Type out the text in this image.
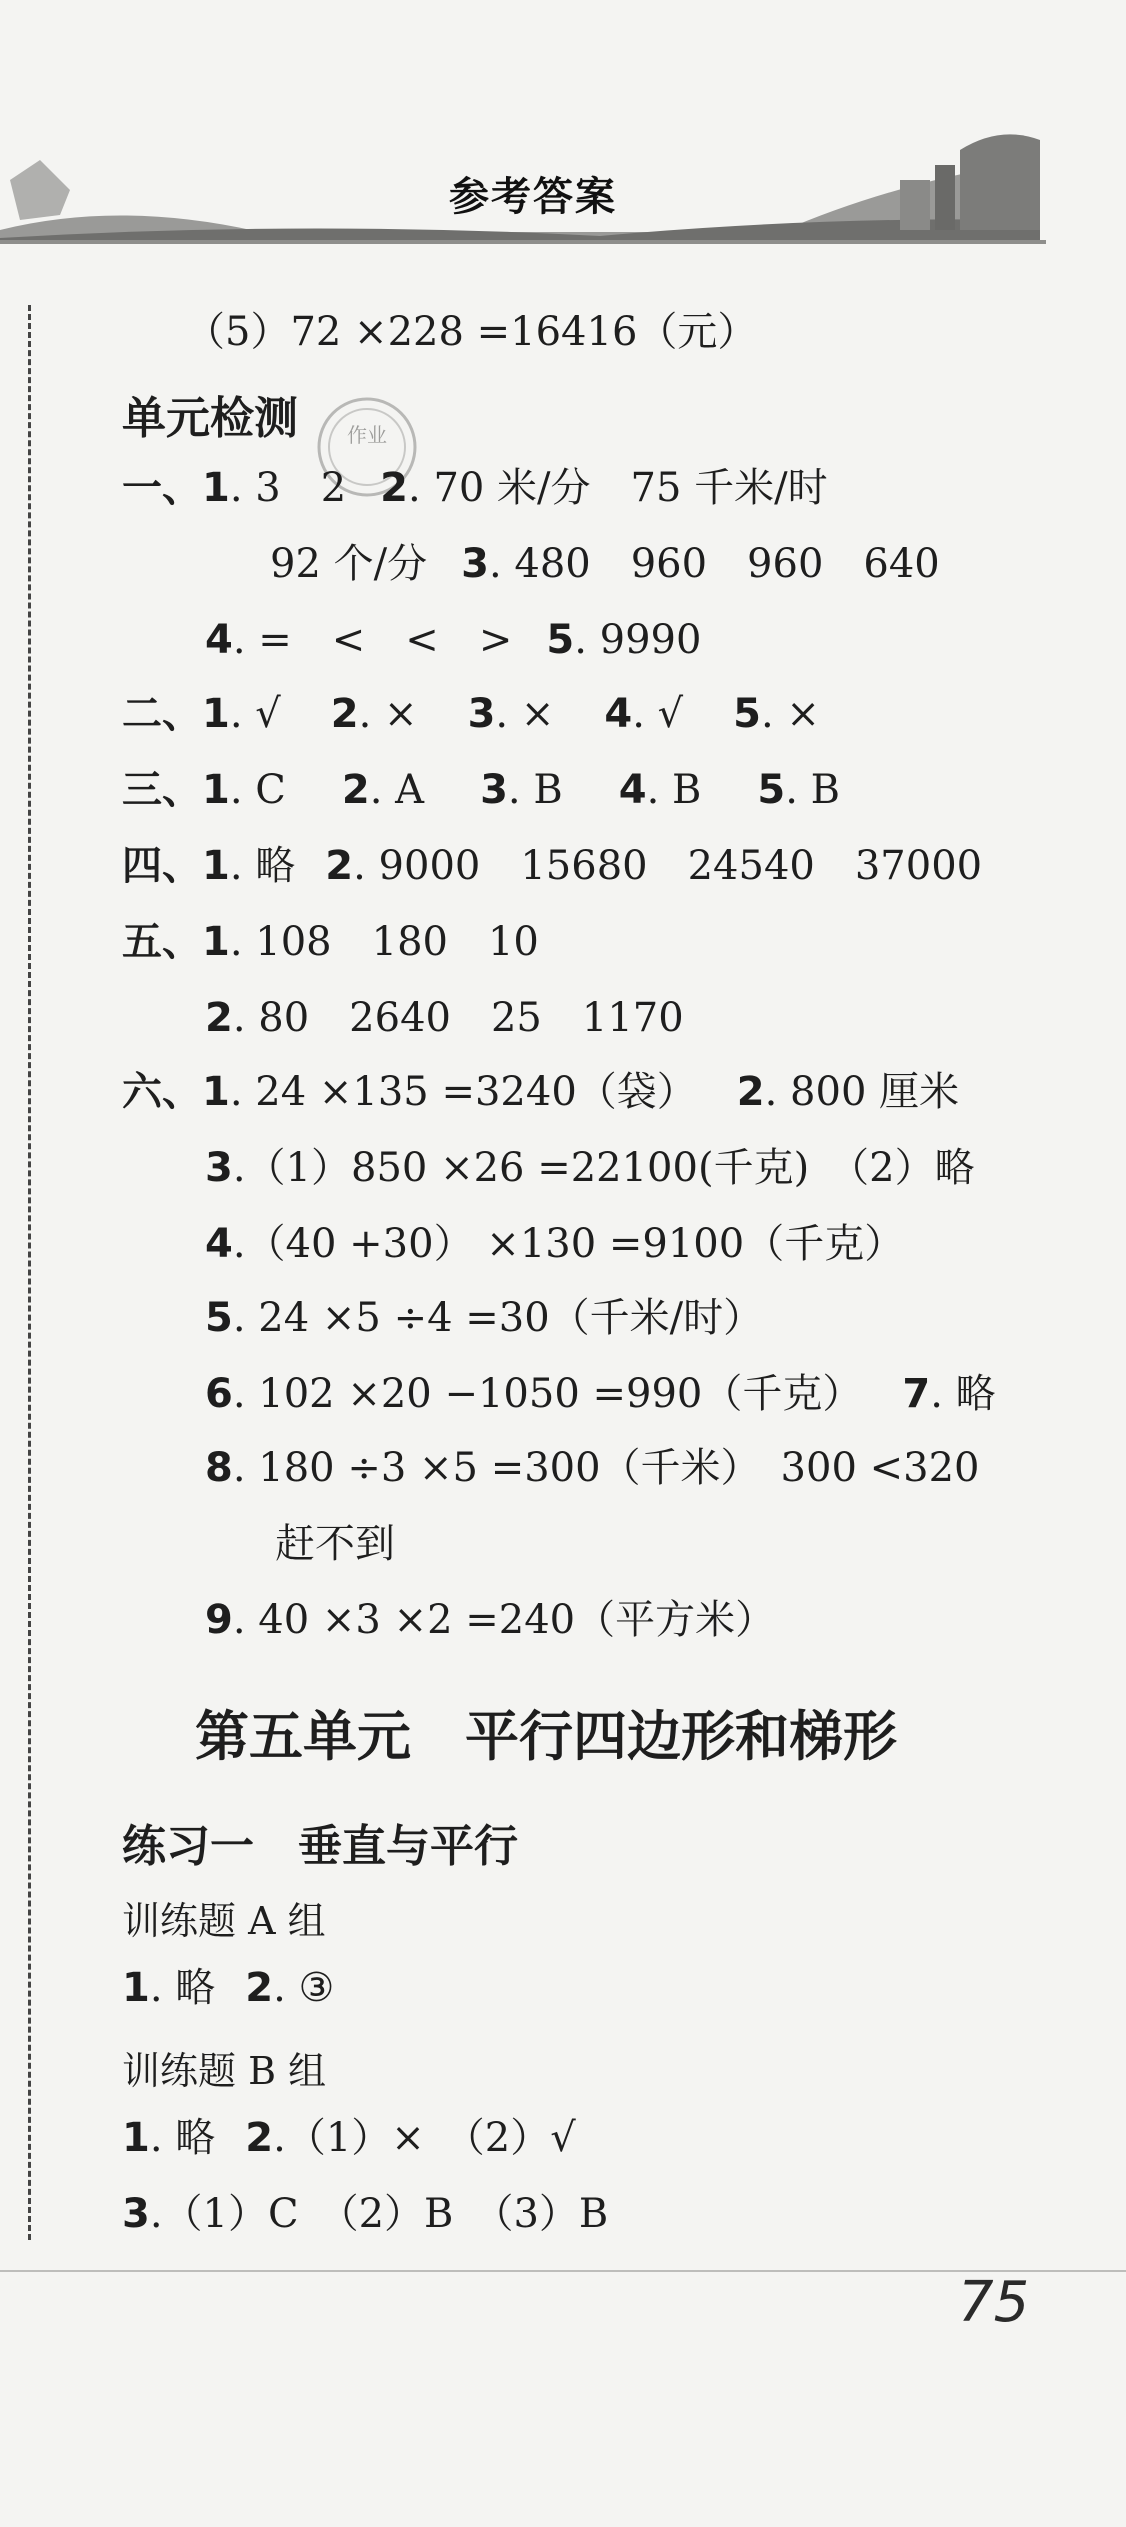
参考答案
作业
（5）72 ×228 =16416（元）
单元检测
一、1. 3　2 2. 70 米/分　75 千米/时
92 个/分 3. 480　960　960　640
4. =　<　<　> 5. 9990
二、1. √ 2. × 3. × 4. √ 5. ×
三、1. C 2. A 3. B 4. B 5. B
四、1. 略 2. 9000　15680　24540　37000
五、1. 108　180　10
2. 80　2640　25　1170
六、1. 24 ×135 =3240（袋） 2. 800 厘米
3.（1）850 ×26 =22100(千克)　（2）略
4.（40 +30） ×130 =9100（千克）
5. 24 ×5 ÷4 =30（千米/时）
6. 102 ×20 −1050 =990（千克） 7. 略
8. 180 ÷3 ×5 =300（千米）　300 <320
赶不到
9. 40 ×3 ×2 =240（平方米）
第五单元　平行四边形和梯形
练习一　垂直与平行
训练题 A 组
1. 略 2. ③
训练题 B 组
1. 略 2.（1）×　（2）√
3.（1）C　（2）B　（3）B
75
